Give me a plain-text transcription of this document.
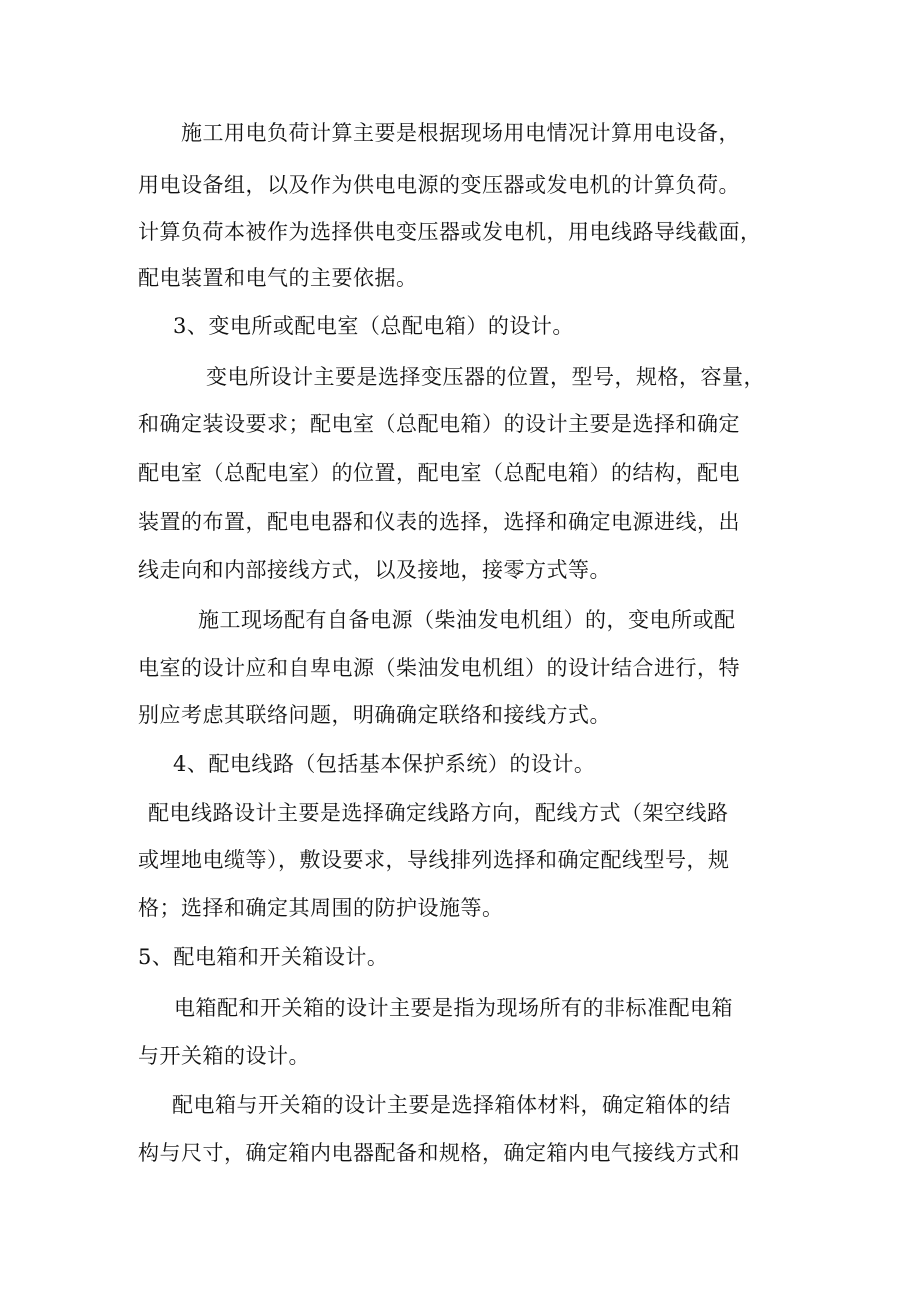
施工用电负荷计算主要是根据现场用电情况计算用电设备，
用电设备组，以及作为供电电源的变压器或发电机的计算负荷。
计算负荷本被作为选择供电变压器或发电机，用电线路导线截面，
配电装置和电气的主要依据。
3、变电所或配电室（总配电箱）的设计。
变电所设计主要是选择变压器的位置，型号，规格，容量，
和确定装设要求；配电室（总配电箱）的设计主要是选择和确定
配电室（总配电室）的位置，配电室（总配电箱）的结构，配电
装置的布置，配电电器和仪表的选择，选择和确定电源进线，出
线走向和内部接线方式，以及接地，接零方式等。
施工现场配有自备电源（柴油发电机组）的，变电所或配
电室的设计应和自卑电源（柴油发电机组）的设计结合进行，特
别应考虑其联络问题，明确确定联络和接线方式。
4、配电线路（包括基本保护系统）的设计。
配电线路设计主要是选择确定线路方向，配线方式（架空线路
或埋地电缆等），敷设要求，导线排列选择和确定配线型号，规
格；选择和确定其周围的防护设施等。
5、配电箱和开关箱设计。
电箱配和开关箱的设计主要是指为现场所有的非标准配电箱
与开关箱的设计。
配电箱与开关箱的设计主要是选择箱体材料，确定箱体的结
构与尺寸，确定箱内电器配备和规格，确定箱内电气接线方式和
